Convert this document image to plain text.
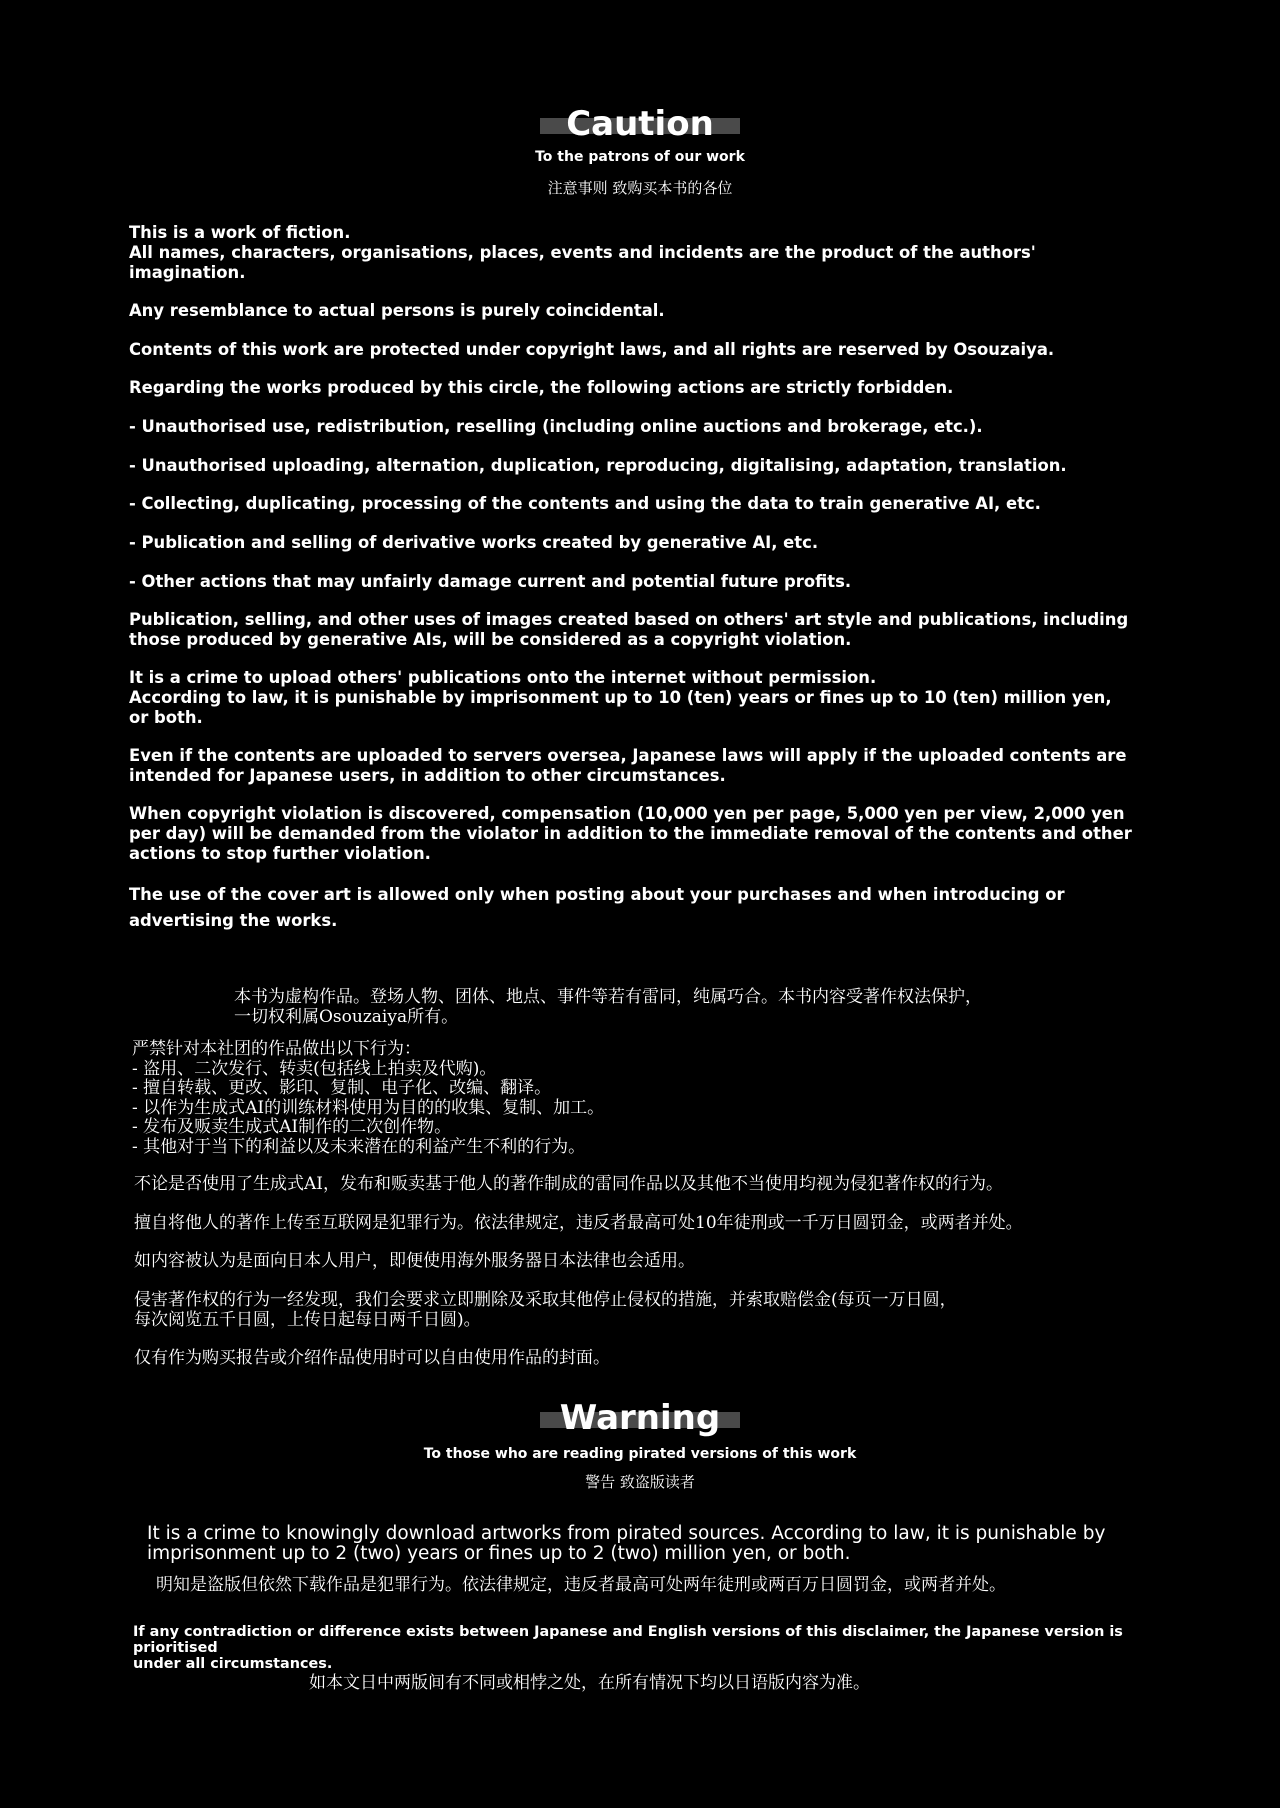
Caution
To the patrons of our work
注意事则 致购买本书的各位

This is a work of fiction.
All names, characters, organisations, places, events and incidents are the product of the authors'
imagination.

Any resemblance to actual persons is purely coincidental.

Contents of this work are protected under copyright laws, and all rights are reserved by Osouzaiya.

Regarding the works produced by this circle, the following actions are strictly forbidden.

- Unauthorised use, redistribution, reselling (including online auctions and brokerage, etc.).

- Unauthorised uploading, alternation, duplication, reproducing, digitalising, adaptation, translation.

- Collecting, duplicating, processing of the contents and using the data to train generative AI, etc.

- Publication and selling of derivative works created by generative AI, etc.

- Other actions that may unfairly damage current and potential future profits.

Publication, selling, and other uses of images created based on others' art style and publications, including
those produced by generative AIs, will be considered as a copyright violation.

It is a crime to upload others' publications onto the internet without permission.
According to law, it is punishable by imprisonment up to 10 (ten) years or fines up to 10 (ten) million yen,
or both.

Even if the contents are uploaded to servers oversea, Japanese laws will apply if the uploaded contents are
intended for Japanese users, in addition to other circumstances.

When copyright violation is discovered, compensation (10,000 yen per page, 5,000 yen per view, 2,000 yen
per day) will be demanded from the violator in addition to the immediate removal of the contents and other
actions to stop further violation.

The use of the cover art is allowed only when posting about your purchases and when introducing or
advertising the works.

本书为虚构作品。登场人物、团体、地点、事件等若有雷同，纯属巧合。本书内容受著作权法保护，
一切权利属Osouzaiya所有。

严禁针对本社团的作品做出以下行为：
- 盗用、二次发行、转卖(包括线上拍卖及代购)。
- 擅自转载、更改、影印、复制、电子化、改编、翻译。
- 以作为生成式AI的训练材料使用为目的的收集、复制、加工。
- 发布及贩卖生成式AI制作的二次创作物。
- 其他对于当下的利益以及未来潜在的利益产生不利的行为。

不论是否使用了生成式AI，发布和贩卖基于他人的著作制成的雷同作品以及其他不当使用均视为侵犯著作权的行为。

擅自将他人的著作上传至互联网是犯罪行为。依法律规定，违反者最高可处10年徒刑或一千万日圆罚金，或两者并处。

如内容被认为是面向日本人用户，即便使用海外服务器日本法律也会适用。

侵害著作权的行为一经发现，我们会要求立即删除及采取其他停止侵权的措施，并索取赔偿金(每页一万日圆，
每次阅览五千日圆，上传日起每日两千日圆)。

仅有作为购买报告或介绍作品使用时可以自由使用作品的封面。

Warning
To those who are reading pirated versions of this work
警告 致盗版读者

It is a crime to knowingly download artworks from pirated sources. According to law, it is punishable by
imprisonment up to 2 (two) years or fines up to 2 (two) million yen, or both.

明知是盗版但依然下载作品是犯罪行为。依法律规定，违反者最高可处两年徒刑或两百万日圆罚金，或两者并处。

If any contradiction or difference exists between Japanese and English versions of this disclaimer, the Japanese version is prioritised
under all circumstances.

如本文日中两版间有不同或相悖之处，在所有情况下均以日语版内容为准。
